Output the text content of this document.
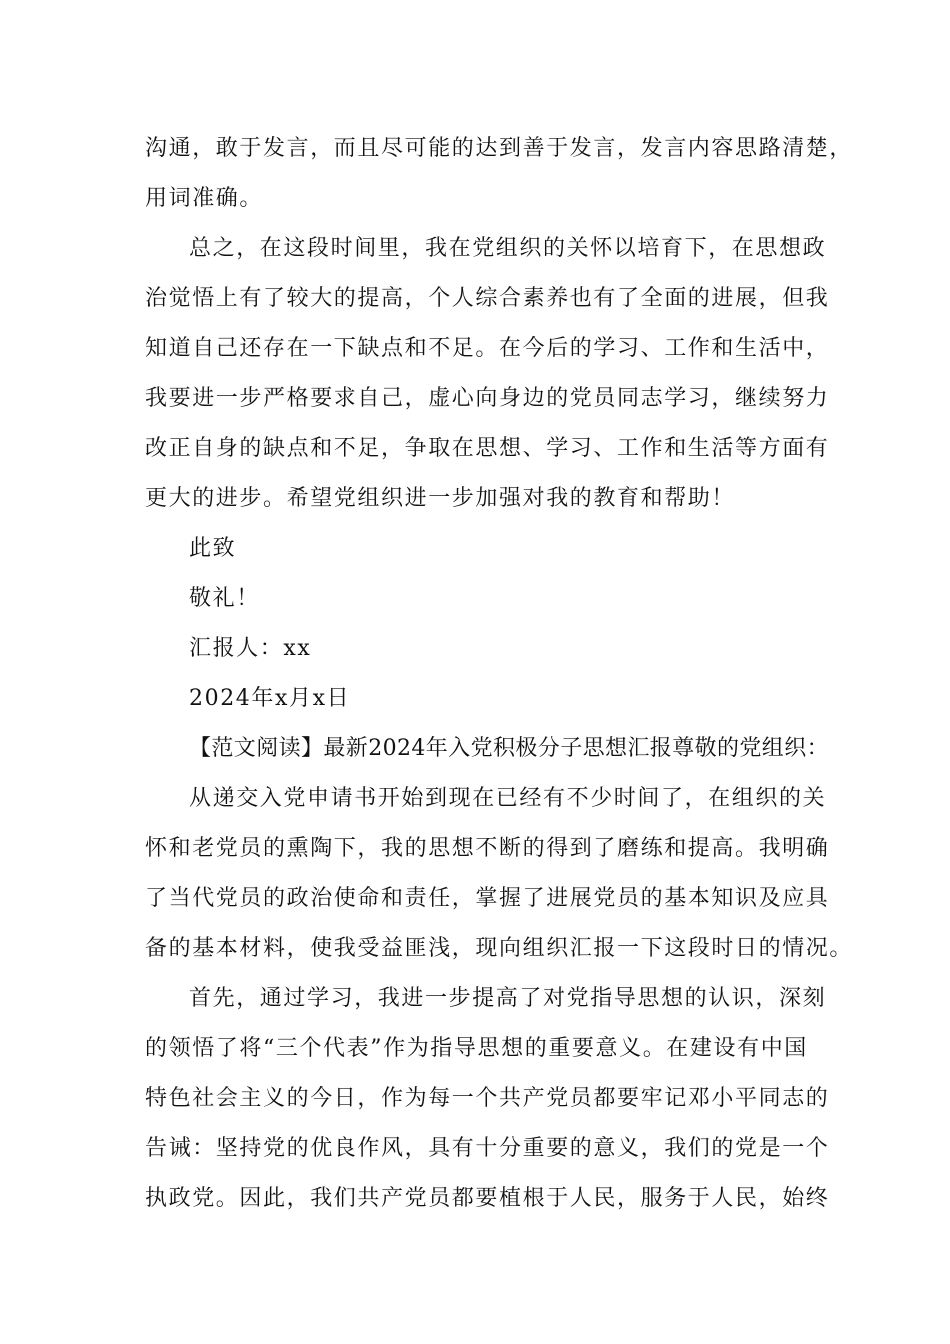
沟通，敢于发言，而且尽可能的达到善于发言，发言内容思路清楚，
用词准确。
总之，在这段时间里，我在党组织的关怀以培育下，在思想政
治觉悟上有了较大的提高，个人综合素养也有了全面的进展，但我
知道自己还存在一下缺点和不足。在今后的学习、工作和生活中，
我要进一步严格要求自己，虚心向身边的党员同志学习，继续努力
改正自身的缺点和不足，争取在思想、学习、工作和生活等方面有
更大的进步。希望党组织进一步加强对我的教育和帮助！
此致
敬礼！
汇报人：xx
2024年x月x日
【范文阅读】最新2024年入党积极分子思想汇报尊敬的党组织：
从递交入党申请书开始到现在已经有不少时间了，在组织的关
怀和老党员的熏陶下，我的思想不断的得到了磨练和提高。我明确
了当代党员的政治使命和责任，掌握了进展党员的基本知识及应具
备的基本材料，使我受益匪浅，现向组织汇报一下这段时日的情况。
首先，通过学习，我进一步提高了对党指导思想的认识，深刻
的领悟了将“三个代表”作为指导思想的重要意义。在建设有中国
特色社会主义的今日，作为每一个共产党员都要牢记邓小平同志的
告诫：坚持党的优良作风，具有十分重要的意义，我们的党是一个
执政党。因此，我们共产党员都要植根于人民，服务于人民，始终
